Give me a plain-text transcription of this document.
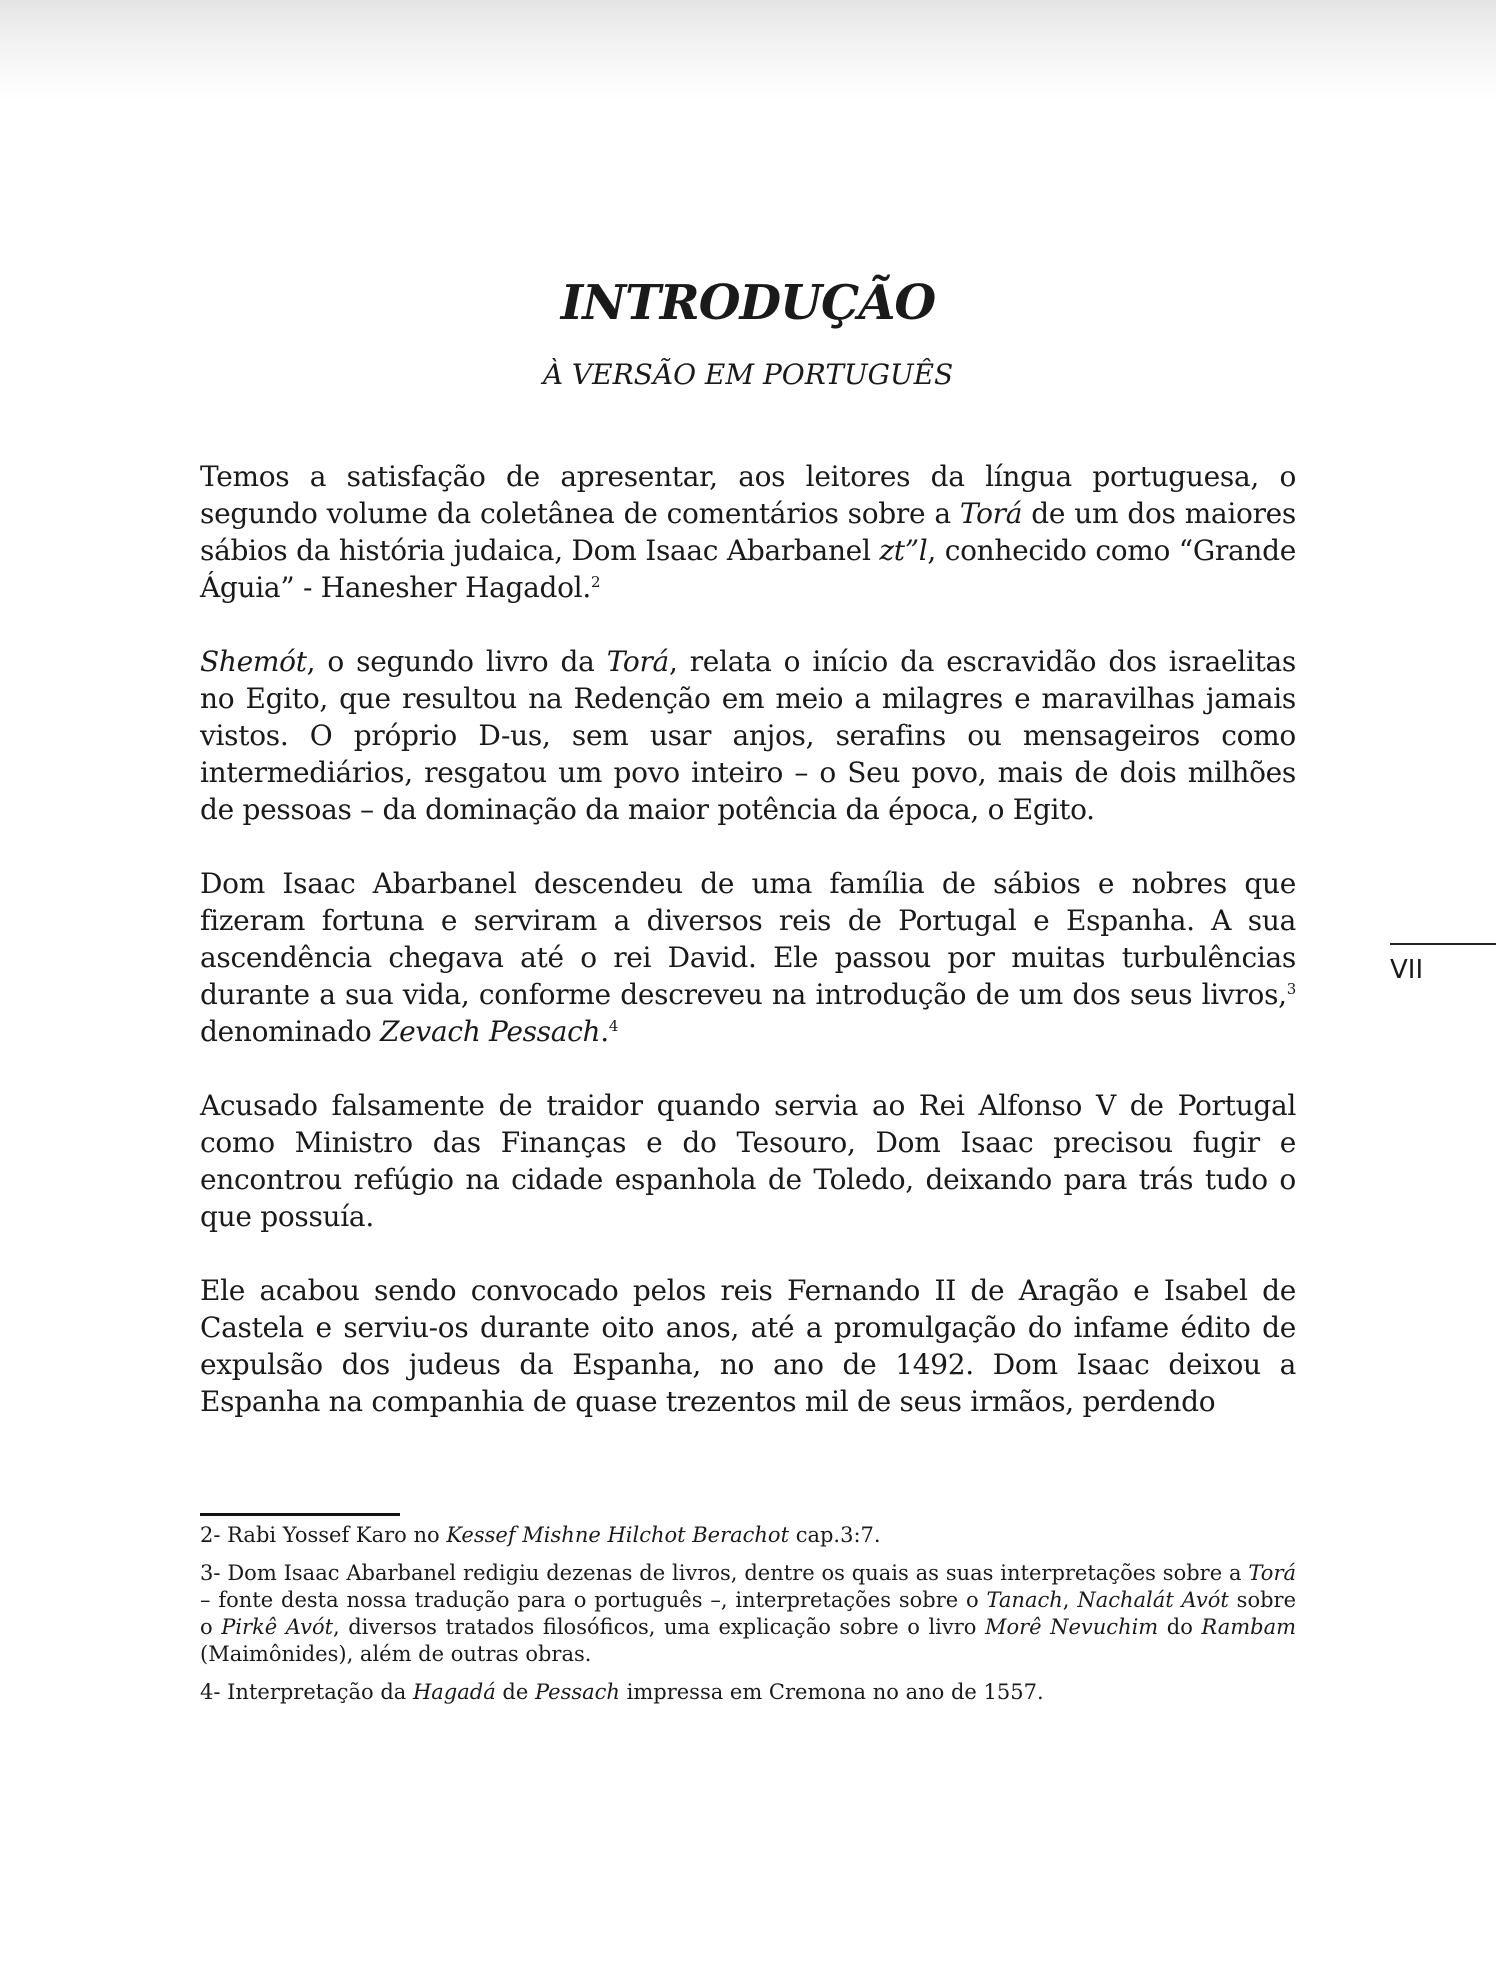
INTRODUÇÃO
À VERSÃO EM PORTUGUÊS

Temos a satisfação de apresentar, aos leitores da língua portuguesa, o segundo volume da coletânea de comentários sobre a Torá de um dos maiores sábios da história judaica, Dom Isaac Abarbanel zt”l, conhecido como “Grande Águia” - Hanesher Hagadol.$^2$

Shemót, o segundo livro da Torá, relata o início da escravidão dos israelitas no Egito, que resultou na Redenção em meio a milagres e maravilhas jamais vistos. O próprio D-us, sem usar anjos, serafins ou mensageiros como intermediários, resgatou um povo inteiro – o Seu povo, mais de dois milhões de pessoas – da dominação da maior potência da época, o Egito.

Dom Isaac Abarbanel descendeu de uma família de sábios e nobres que fizeram fortuna e serviram a diversos reis de Portugal e Espanha. A sua ascendência chegava até o rei David. Ele passou por muitas turbulências durante a sua vida, conforme descreveu na introdução de um dos seus livros,$^3$ denominado Zevach Pessach.$^4$

Acusado falsamente de traidor quando servia ao Rei Alfonso V de Portugal como Ministro das Finanças e do Tesouro, Dom Isaac precisou fugir e encontrou refúgio na cidade espanhola de Toledo, deixando para trás tudo o que possuía.

Ele acabou sendo convocado pelos reis Fernando II de Aragão e Isabel de Castela e serviu-os durante oito anos, até a promulgação do infame édito de expulsão dos judeus da Espanha, no ano de 1492. Dom Isaac deixou a Espanha na companhia de quase trezentos mil de seus irmãos, perdendo

VII

2- Rabi Yossef Karo no Kessef Mishne Hilchot Berachot cap.3:7.

3- Dom Isaac Abarbanel redigiu dezenas de livros, dentre os quais as suas interpretações sobre a Torá – fonte desta nossa tradução para o português –, interpretações sobre o Tanach, Nachalát Avót sobre o Pirkê Avót, diversos tratados filosóficos, uma explicação sobre o livro Morê Nevuchim do Rambam (Maimônides), além de outras obras.

4- Interpretação da Hagadá de Pessach impressa em Cremona no ano de 1557.
